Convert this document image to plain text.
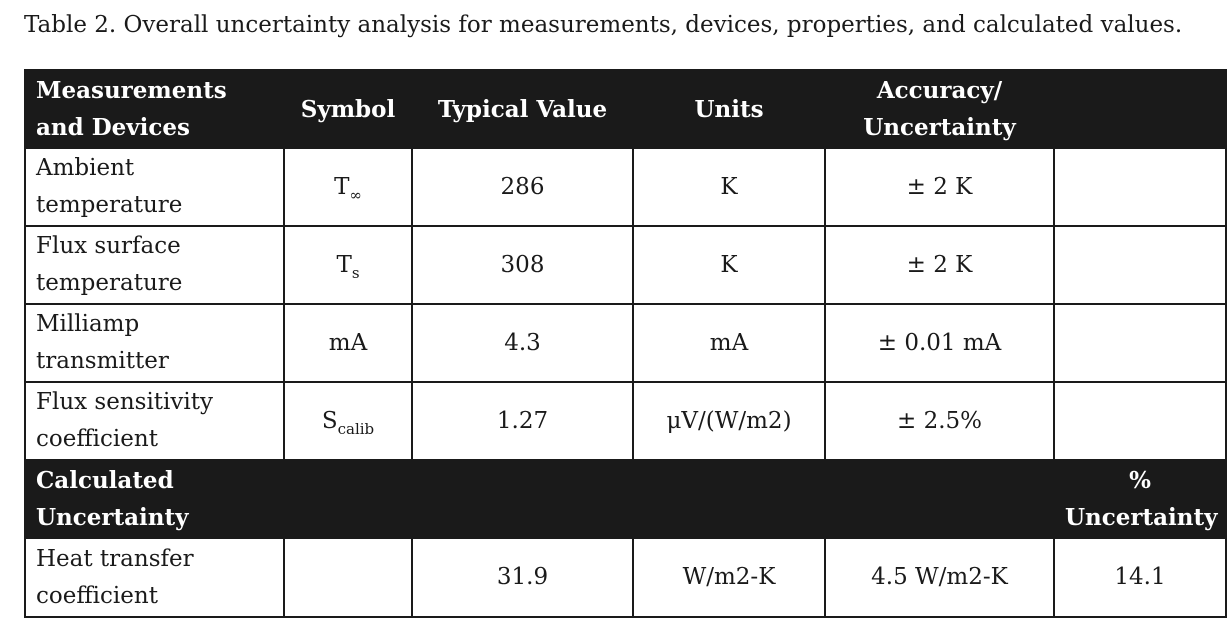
Table 2. Overall uncertainty analysis for measurements, devices, properties, and calculated values.
Measurements and Devices	Symbol	Typical Value	Units	Accuracy/ Uncertainty	
Ambient temperature	$T_\infty$	286	K	± 2 K	
Flux surface temperature	$T_s$	308	K	± 2 K	
Milliamp transmitter	mA	4.3	mA	± 0.01 mA	
Flux sensitivity coefficient	$S_{calib}$	1.27	μV/(W/m2)	± 2.5%	
Calculated Uncertainty					% Uncertainty
Heat transfer coefficient		31.9	W/m2-K	4.5 W/m2-K	14.1
